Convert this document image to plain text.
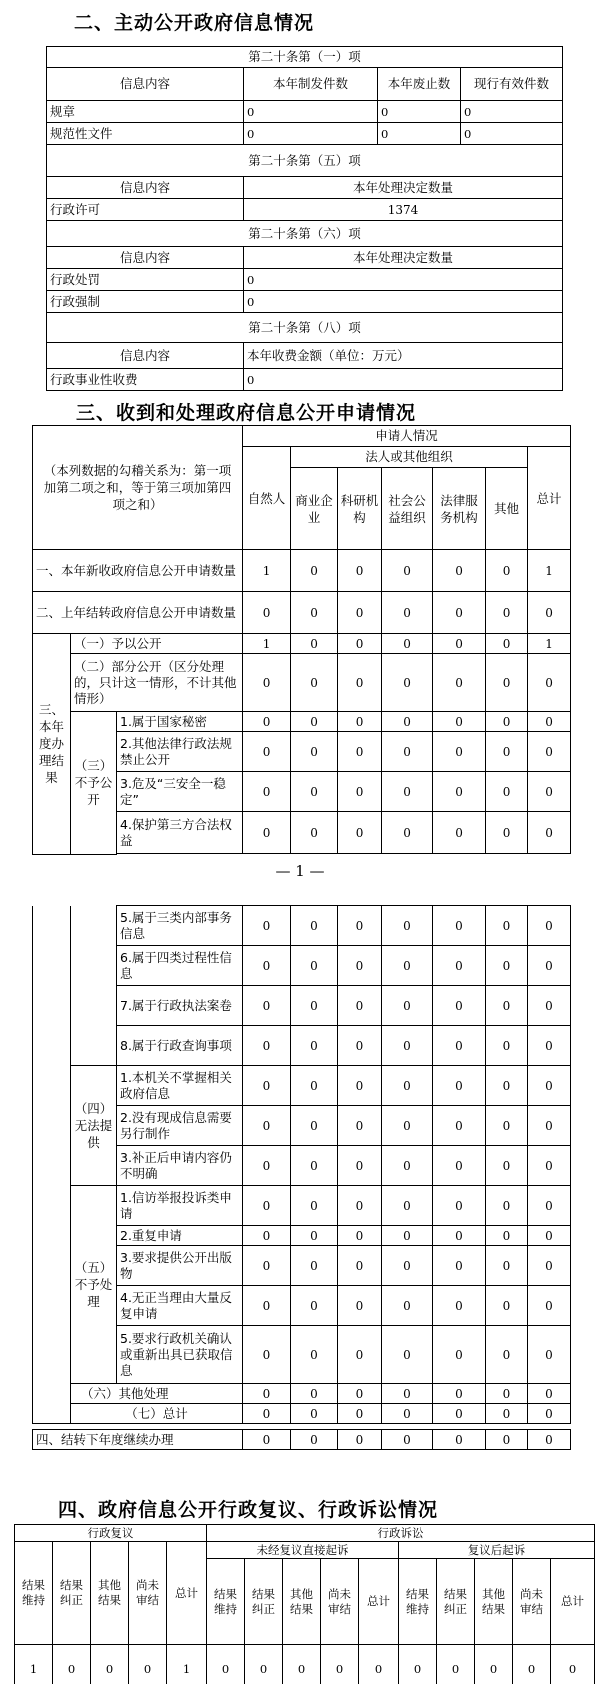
二、主动公开政府信息情况
第二十条第（一）项			
信息内容	本年制发件数	本年废止数	现行有效件数
规章	0	0	0
规范性文件	0	0	0
第二十条第（五）项			
信息内容	本年处理决定数量		
行政许可	1374		
第二十条第（六）项			
信息内容	本年处理决定数量		
行政处罚	0		
行政强制	0		
第二十条第（八）项			
信息内容	本年收费金额（单位：万元）		
行政事业性收费	0		
三、收到和处理政府信息公开申请情况
（本列数据的勾稽关系为：第一项加第二项之和，等于第三项加第四项之和）			申请人情况						
			自然人	法人或其他组织					总计
				商业企业	科研机构	社会公益组织	法律服务机构	其他	
一、本年新收政府信息公开申请数量			1	0	0	0	0	0	1
二、上年结转政府信息公开申请数量			0	0	0	0	0	0	0
三、本年度办理结果	（一）予以公开		1	0	0	0	0	0	1
	（二）部分公开（区分处理的，只计这一情形，不计其他情形）		0	0	0	0	0	0	0
	（三）不予公开	1.属于国家秘密	0	0	0	0	0	0	0
		2.其他法律行政法规禁止公开	0	0	0	0	0	0	0
		3.危及“三安全一稳定”	0	0	0	0	0	0	0
		4.保护第三方合法权益	0	0	0	0	0	0	0

— 1 —
		5.属于三类内部事务信息	0	0	0	0	0	0	0
		6.属于四类过程性信息	0	0	0	0	0	0	0
		7.属于行政执法案卷	0	0	0	0	0	0	0
		8.属于行政查询事项	0	0	0	0	0	0	0
	（四）无法提供	1.本机关不掌握相关政府信息	0	0	0	0	0	0	0
		2.没有现成信息需要另行制作	0	0	0	0	0	0	0
		3.补正后申请内容仍不明确	0	0	0	0	0	0	0
	（五）不予处理	1.信访举报投诉类申请	0	0	0	0	0	0	0
		2.重复申请	0	0	0	0	0	0	0
		3.要求提供公开出版物	0	0	0	0	0	0	0
		4.无正当理由大量反复申请	0	0	0	0	0	0	0
		5.要求行政机关确认或重新出具已获取信息	0	0	0	0	0	0	0
	（六）其他处理		0	0	0	0	0	0	0
	（七）总计		0	0	0	0	0	0	0
四、结转下年度继续办理	0	0	0	0	0	0	0
四、政府信息公开行政复议、行政诉讼情况
行政复议					行政诉讼									
结果维持	结果纠正	其他结果	尚未审结	总计	未经复议直接起诉					复议后起诉				
					结果维持	结果纠正	其他结果	尚未审结	总计	结果维持	结果纠正	其他结果	尚未审结	总计
1	0	0	0	1	0	0	0	0	0	0	0	0	0	0
